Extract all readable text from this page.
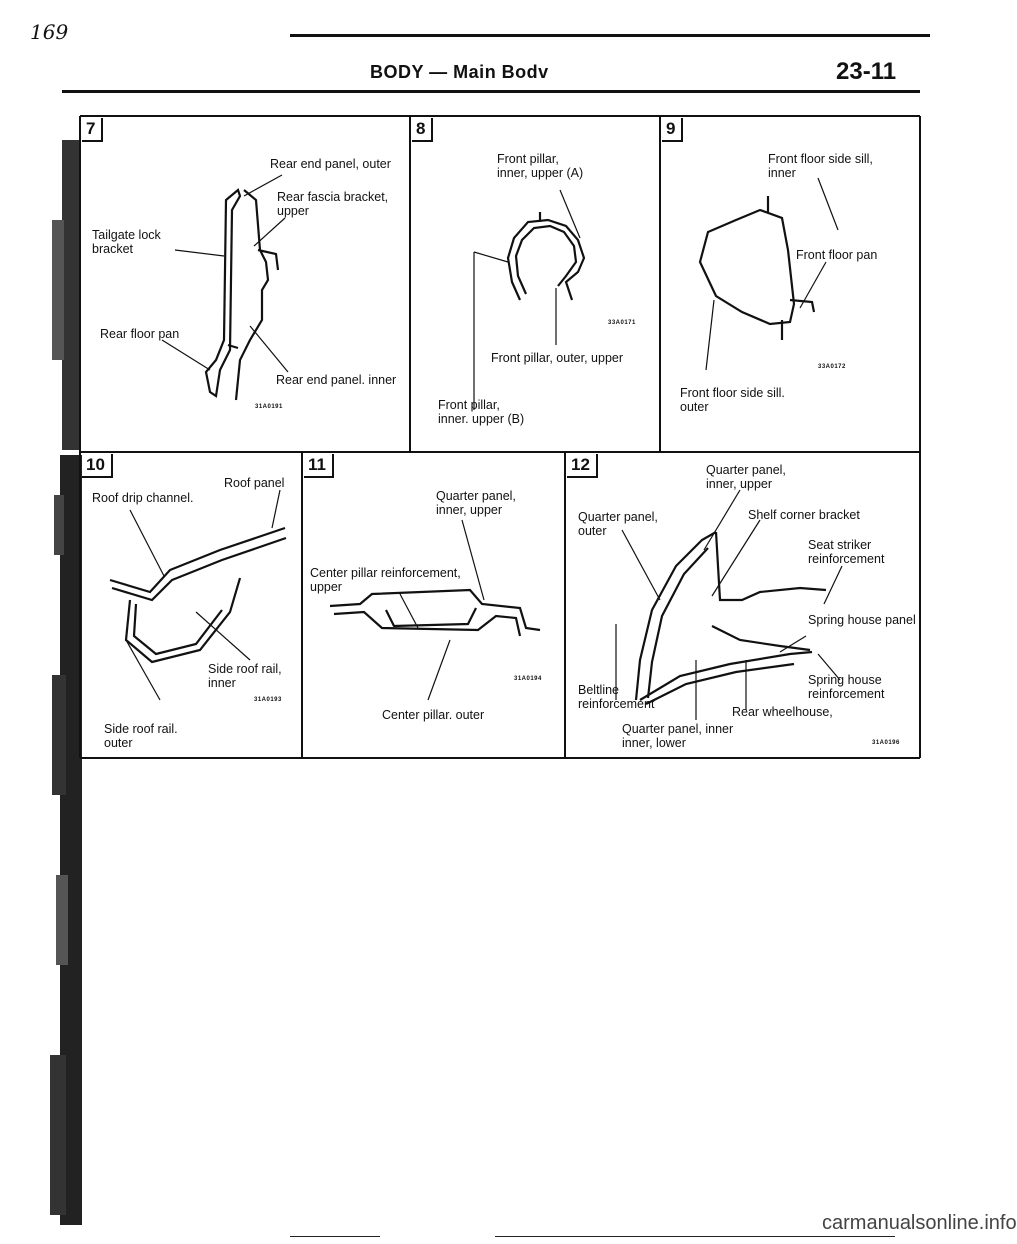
169
BODY — Main Bodv	23-11
7
Rear end panel, outer
Rear fascia bracket,
upper
Tailgate lock
bracket
Rear floor pan
Rear end panel. inner
31A0191
8
Front pillar,
inner, upper (A)
Front pillar, outer, upper
Front pillar,
inner. upper (B)
33A0171
9
Front floor side sill,
inner
Front floor pan
Front floor side sill.
outer
33A0172
10
Roof panel
Roof drip channel.
Side roof rail,
inner
Side roof rail.
outer
31A0193
11
Quarter panel,
inner, upper
Center pillar reinforcement,
upper
Center pillar. outer
31A0194
12	Quarter panel,
inner, upper
Quarter panel,
outer
Shelf corner bracket
Seat striker
reinforcement
Spring house panel
Spring house
reinforcement
Beltline
reinforcement
Rear wheelhouse,
Quarter panel, inner
inner, lower	31A0196
carmanualsonline.info
